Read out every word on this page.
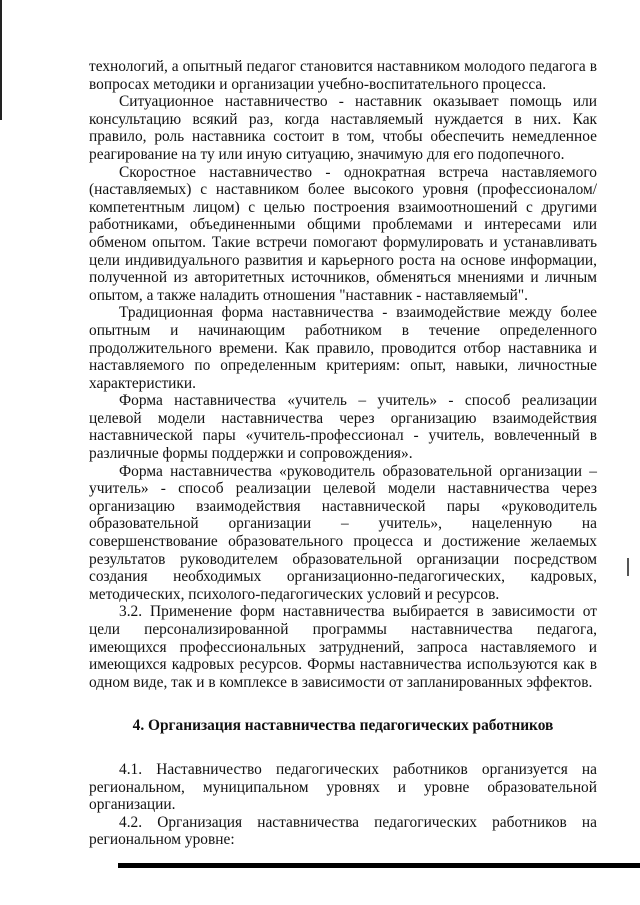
технологий, а опытный педагог становится наставником молодого педагога в вопросах методики и организации учебно-воспитательного процесса.

Ситуационное наставничество - наставник оказывает помощь или консультацию всякий раз, когда наставляемый нуждается в них. Как правило, роль наставника состоит в том, чтобы обеспечить немедленное реагирование на ту или иную ситуацию, значимую для его подопечного.

Скоростное наставничество - однократная встреча наставляемого (наставляемых) с наставником более высокого уровня (профессионалом/компетентным лицом) с целью построения взаимоотношений с другими работниками, объединенными общими проблемами и интересами или обменом опытом. Такие встречи помогают формулировать и устанавливать цели индивидуального развития и карьерного роста на основе информации, полученной из авторитетных источников, обменяться мнениями и личным опытом, а также наладить отношения "наставник - наставляемый".

Традиционная форма наставничества - взаимодействие между более опытным и начинающим работником в течение определенного продолжительного времени. Как правило, проводится отбор наставника и наставляемого по определенным критериям: опыт, навыки, личностные характеристики.

Форма наставничества «учитель – учитель» - способ реализации целевой модели наставничества через организацию взаимодействия наставнической пары «учитель-профессионал - учитель, вовлеченный в различные формы поддержки и сопровождения».

Форма наставничества «руководитель образовательной организации – учитель» - способ реализации целевой модели наставничества через организацию взаимодействия наставнической пары «руководитель образовательной организации – учитель», нацеленную на совершенствование образовательного процесса и достижение желаемых результатов руководителем образовательной организации посредством создания необходимых организационно-педагогических, кадровых, методических, психолого-педагогических условий и ресурсов.

3.2. Применение форм наставничества выбирается в зависимости от цели персонализированной программы наставничества педагога, имеющихся профессиональных затруднений, запроса наставляемого и имеющихся кадровых ресурсов. Формы наставничества используются как в одном виде, так и в комплексе в зависимости от запланированных эффектов.

4. Организация наставничества педагогических работников

4.1. Наставничество педагогических работников организуется на региональном, муниципальном уровнях и уровне образовательной организации.

4.2. Организация наставничества педагогических работников на региональном уровне:
